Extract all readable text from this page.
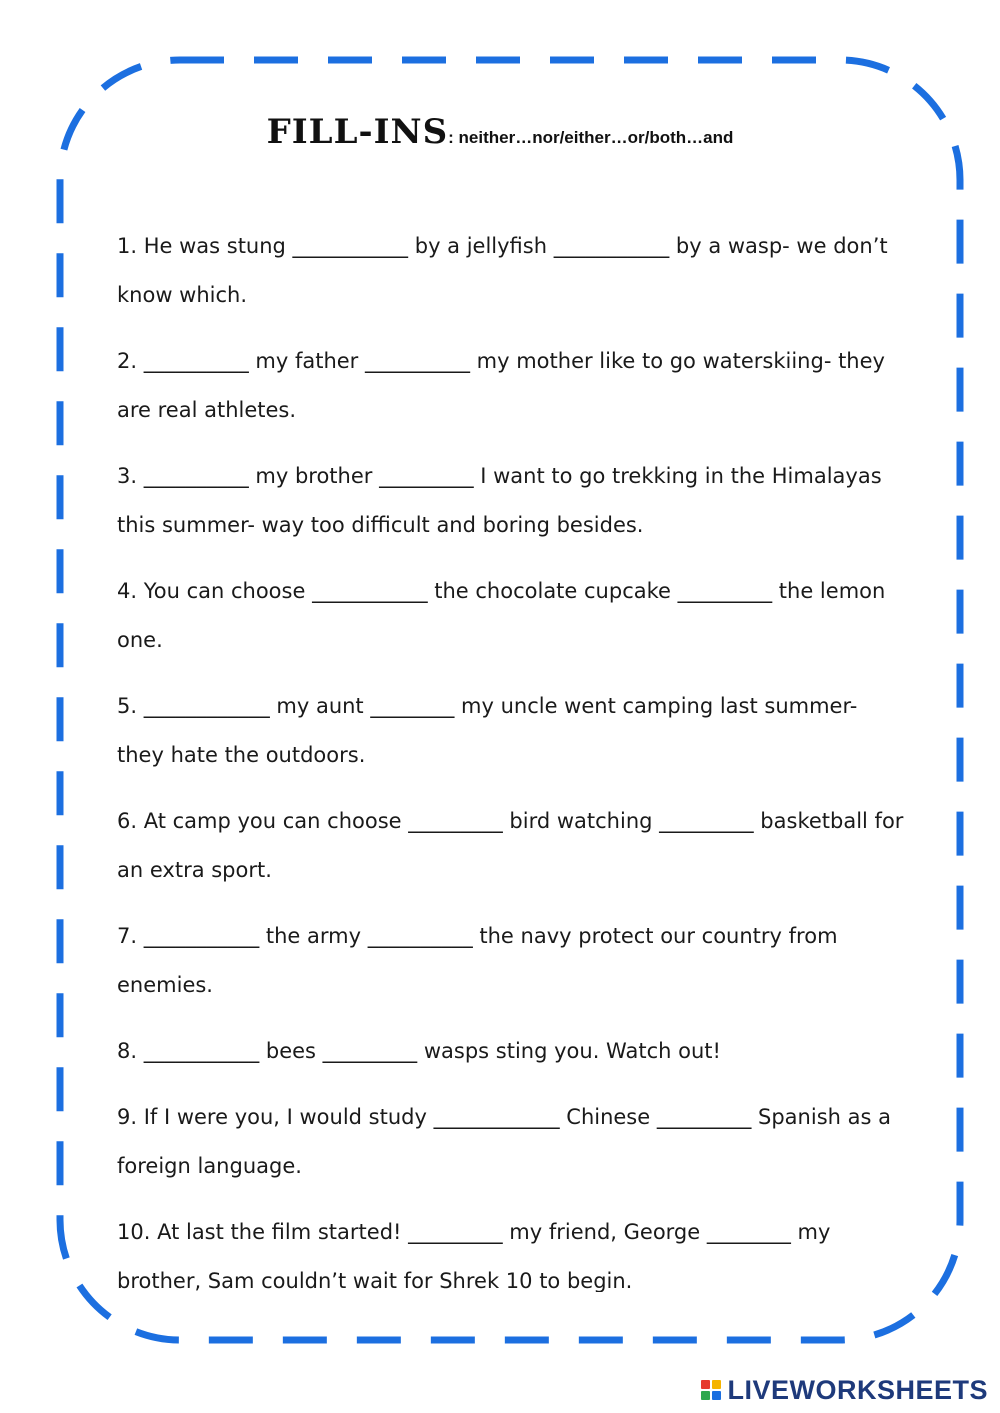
FILL-INS: neither…nor/either…or/both…and

1. He was stung ___________ by a jellyfish ___________ by a wasp- we don’t know which.

2. __________ my father __________ my mother like to go waterskiing- they are real athletes.

3. __________ my brother _________ I want to go trekking in the Himalayas this summer- way too difficult and boring besides.

4. You can choose ___________ the chocolate cupcake _________ the lemon one.

5. ____________ my aunt ________ my uncle went camping last summer- they hate the outdoors.

6. At camp you can choose _________ bird watching _________ basketball for an extra sport.

7. ___________ the army __________ the navy protect our country from enemies.

8. ___________ bees _________ wasps sting you. Watch out!

9. If I were you, I would study ____________ Chinese _________ Spanish as a foreign language.

10. At last the film started! _________ my friend, George ________ my brother, Sam couldn’t wait for Shrek 10 to begin.

LIVEWORKSHEETS
